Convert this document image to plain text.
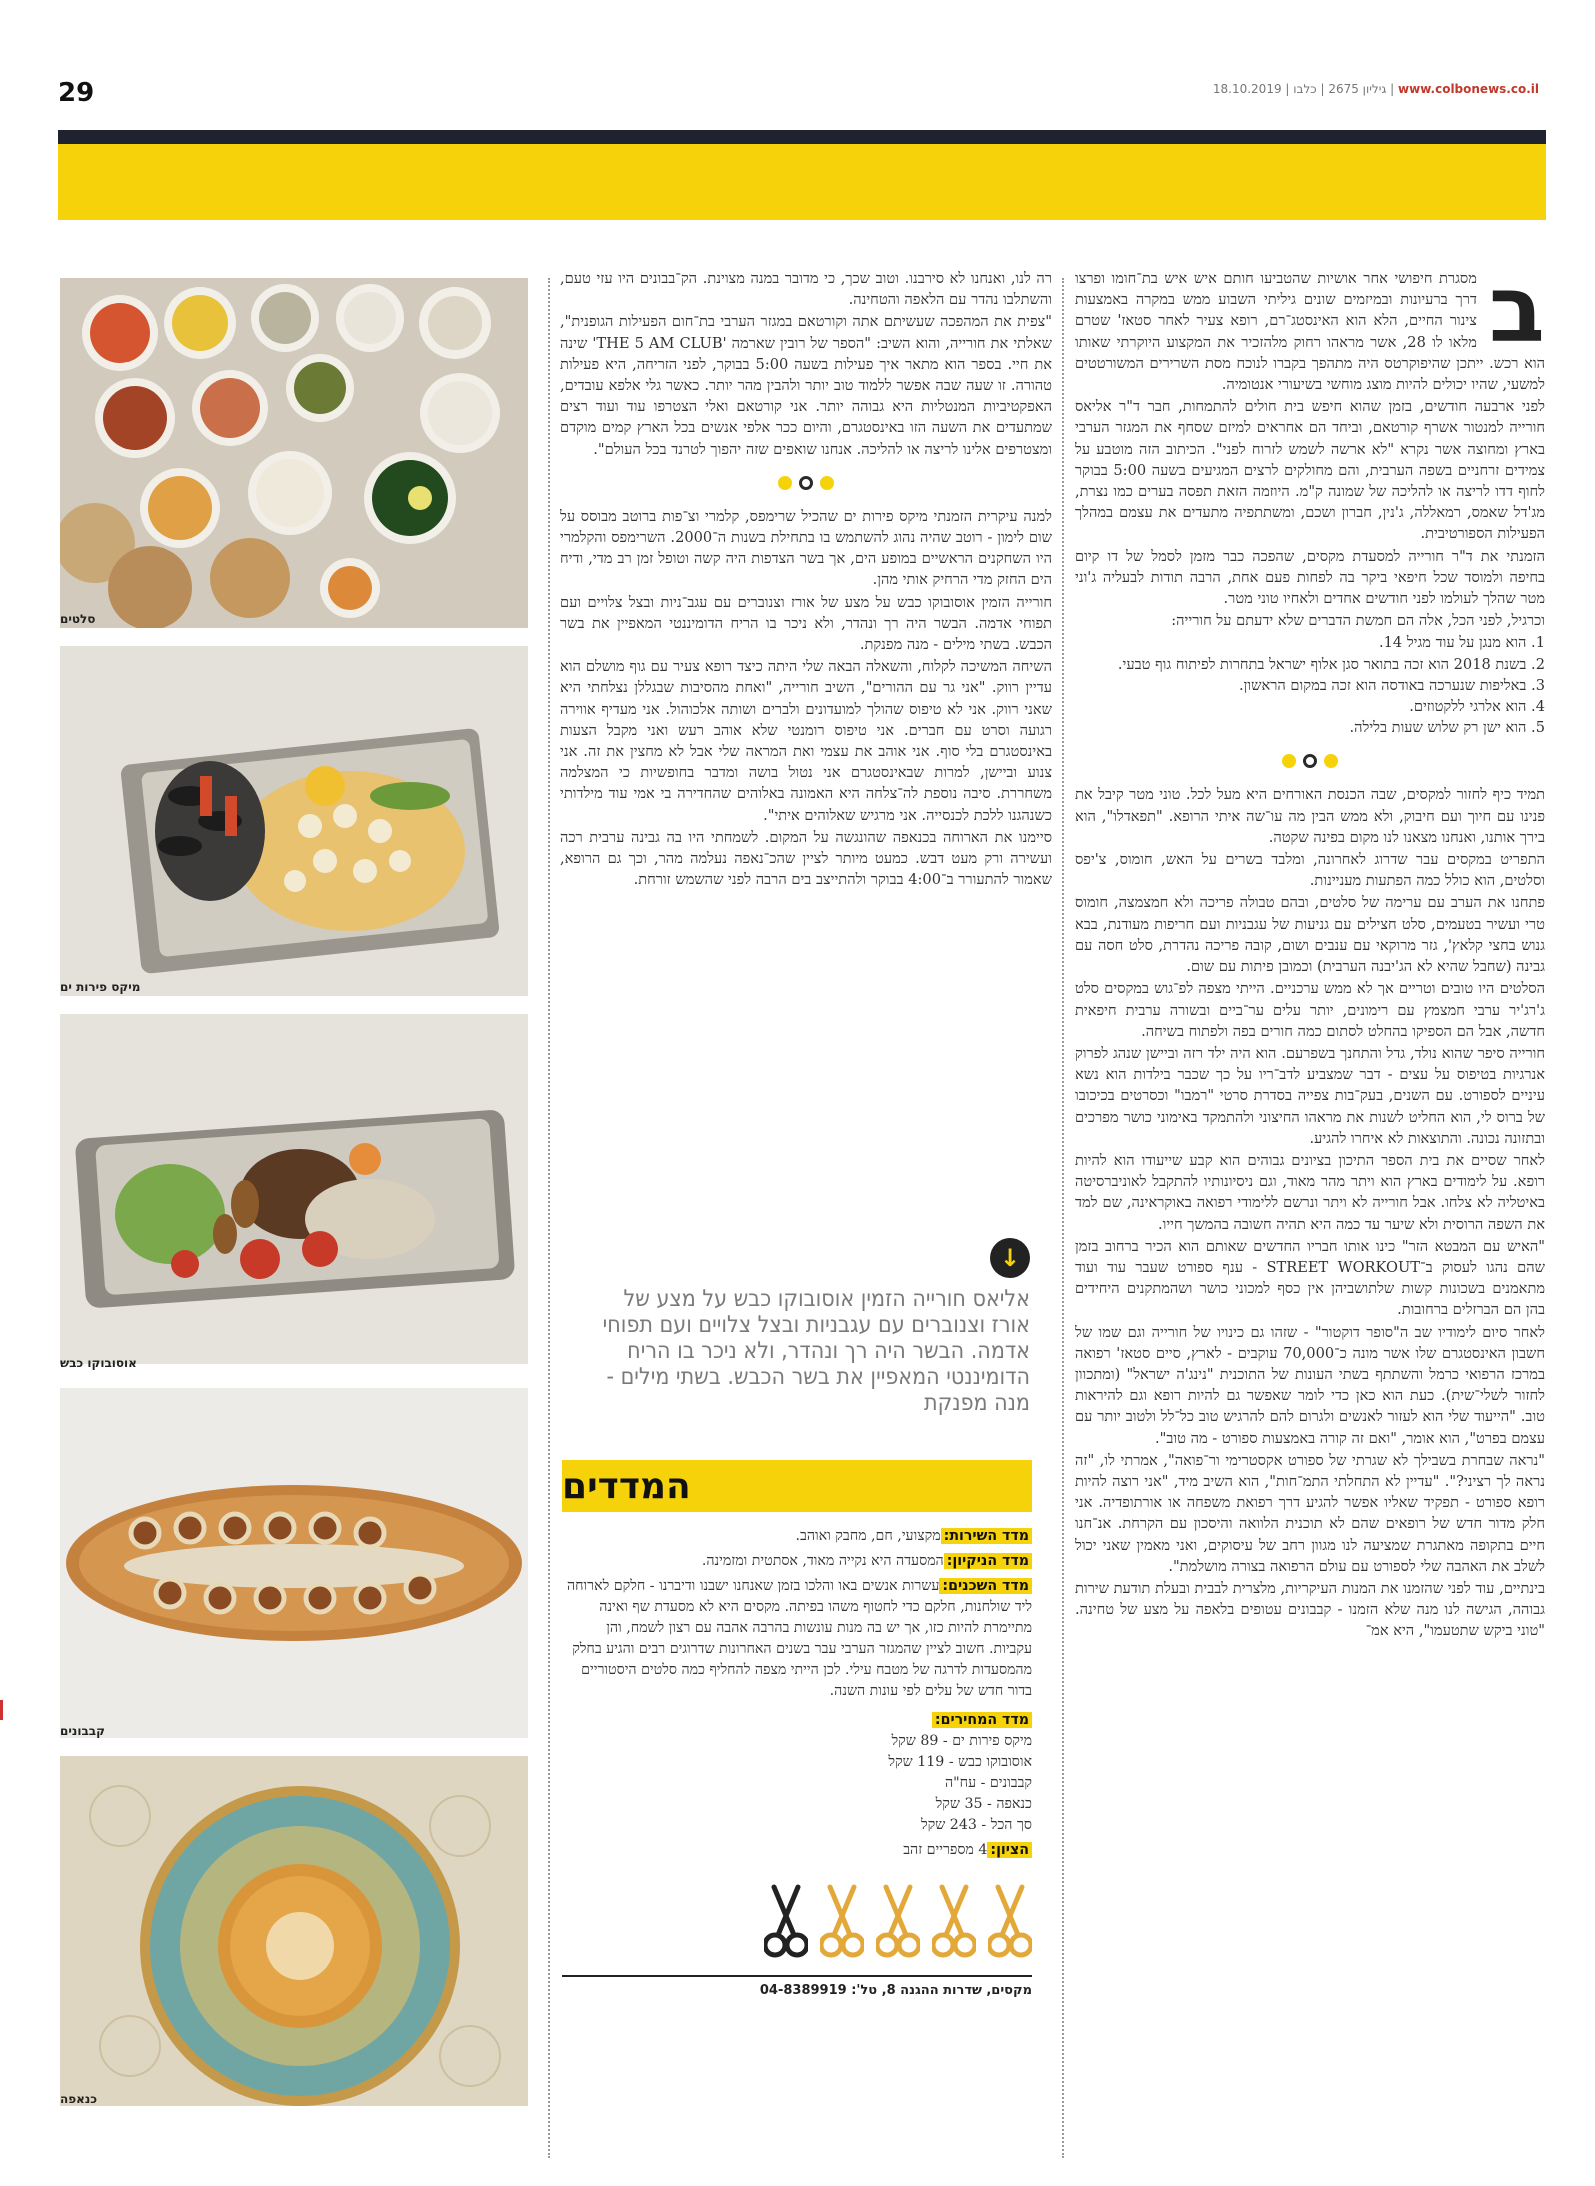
29	18.10.2019 |	גיליון 2675 | כלבו	| www.colbonews.co.il
ב

מסגרת חיפושי אחר אושיות שהטביעו חותם איש איש בת־חומו ופרצו דרך ברעיונות ובמיזמים שונים גיליתי השבוע ממש במקרה באמצעות צינור החיים, הלא הוא האינסטג־רם, רופא צעיר לאחר סטאז' שטרם מלאו לו 28, אשר מראהו רחוק מלהזכיר את המקצוע היוקרתי שאותו הוא רכש. ייתכן שהיפוקרטס היה מתהפך בקברו לנוכח מסת השרירים המשורטטים למשעי, שהיו יכולים להיות מוצג מוחשי בשיעורי אנטומיה.

לפני ארבעה חודשים, בזמן שהוא חיפש בית חולים להתמחות, חבר ד"ר אליאס חורייה למנטור אשרף קורטאם, וביחד הם אחראים למיזם שסחף את המגזר הערבי בארץ ומחוצה אשר נקרא "לא ארשה לשמש לזרוח לפני". הכיתוב הזה מוטבע על צמידים זרחניים בשפה הערבית, והם מחולקים לרצים המגיעים בשעה 5:00 בבוקר לחוף דדו לריצה או להליכה של שמונה ק"מ. היוזמה הזאת תפסה בערים כמו נצרת, מג'דל שאמס, רמאללה, ג'נין, חברון ושכם, ומשתתפיה מתעדים את עצמם במהלך הפעילות הספורטיבית.

הזמנתי את ד"ר חורייה למסעדת מקסים, שהפכה כבר מזמן לסמל של דו קיום בחיפה ולמוסד שכל חיפאי ביקר בה לפחות פעם אחת, הרבה תודות לבעליה ג'וני מטר שהלך לעולמו לפני חודשים אחדים ולאחיו טוני מטר.

וכרגיל, לפני הכל, אלה הם חמשת הדברים שלא ידעתם על חורייה:

1. הוא מנגן על עוד מגיל 14.
2. בשנת 2018 הוא זכה בתואר סגן אלוף ישראל בתחרות לפיתוח גוף טבעי.
3. באליפות שנערכה באודסה הוא זכה במקום הראשון.
4. הוא אלרגי ללקטוזים.
5. הוא ישן רק שלוש שעות בלילה.

תמיד כיף לחזור למקסים, שבה הכנסת האורחים היא מעל לכל. טוני מטר קיבל את פנינו עם חיוך ועם חיבוק, ולא ממש הבין מה עו־שה איתי הרופא. "תפאדלו", הוא בירך אותנו, ואנחנו מצאנו לנו מקום בפינה שקטה.

התפריט במקסים עבר שדרוג לאחרונה, ומלבד בשרים על האש, חומוס, צ'יפס וסלטים, הוא כולל כמה הפתעות מעניינות.

פתחנו את הערב עם ערימה של סלטים, ובהם טבולה פריכה ולא חמצמצה, חומוס טרי ועשיר בטעמים, סלט חצילים עם גניעות של עגבניות ועם חריפות מעודנת, בבא גנוש בחצי קלאץ', גזר מרוקאי עם ענבים ושום, קובה פריכה נהדרת, סלט חסה עם גבינה (שחבל שהיא לא הג'יבנה הערבית) וכמובן פיתות עם שום.

הסלטים היו טובים וטריים אך לא ממש ערכניים. הייתי מצפה לפ־גוש במקסים סלט ג'רג'יר ערבי חמצמץ עם רימונים, יותר עלים ער־ביים ובשורה ערבית חיפאית חדשה, אבל הם הספיקו בהחלט לסתום כמה חורים בפה ולפתוח בשיחה.

חורייה סיפר שהוא נולד, גדל והתחנך בשפרעם. הוא היה ילד רזה וביישן שנהג לפרוק אנרגיות בטיפוס על עצים - דבר שמצביע לדב־ריו על כך שכבר בילדות הוא נשא עיניים לספורט. עם השנים, בעק־בות צפייה בסדרת סרטי "רמבו" וכסרטים בכיכובו של ברוס לי, הוא החליט לשנות את מראהו החיצוני ולהתמקד באימוני כושר מפרכים ובתזונה נכונה. והתוצאות לא איחרו להגיע.

לאחר שסיים את בית הספר התיכון בציונים גבוהים הוא קבע שייעודו הוא להיות רופא. על לימודים בארץ הוא ויתר מהר מאוד, וגם ניסיונותיו להתקבל לאוניברסיטה באיטליה לא צלחו. אבל חורייה לא ויתר ונרשם ללימודי רפואה באוקראינה, שם למד את השפה הרוסית ולא שיער עד כמה היא תהיה חשובה בהמשך חייו.

"האיש עם המבטא הזר" כינו אותו חבריו החדשים שאותם הוא הכיר ברחוב בזמן שהם נהגו לעסוק ב־STREET WORKOUT - ענף ספורט שעבר עוד ועוד מתאמנים בשכונות קשות שלתושביהן אין כסף למכוני כושר ושהמתקנים היחידים בהן הם הברזלים ברחובות.

לאחר סיום לימודיו שב ה"סופר דוקטור" - שזהו גם כינויו של חורייה וגם שמו של חשבון האינסטגרם שלו אשר מונה כ־70,000 עוקבים - לארץ, סיים סטאז' רפואה במרכז הרפואי כרמל והשתתף בשתי העונות של התוכנית "נינג'ה ישראל" (ומתכוון לחזור לשלי־שית). כעת הוא כאן כדי לומר שאפשר גם להיות רופא וגם להיראות טוב. "הייעוד שלי הוא לעזור לאנשים ולגרום להם להרגיש טוב כל־לל ולטוב יותר עם עצמם בפרט", הוא אומר, "ואם זה קורה באמצעות ספורט - מה טוב".

"נראה שבחרת בשבילך לא שגרתי של ספורט אקסטרימי ור־פואה", אמרתי לו, "זה נראה לך רציני?". "עדיין לא התחלתי התמ־חות", הוא השיב מיד, "אני רוצה להיות רופא ספורט - תפקיד שאליו אפשר להגיע דרך רפואת משפחה או אורתופדיה. אני חלק מדור חדש של רופאים שהם לא תוכנית הלוואה והיסכון עם הקרחת. אנ־חנו חיים בתקופה מאתגרת שמציעה לנו מגוון רחב של עיסוקים, ואני מאמין שאני יכול לשלב את האהבה שלי לספורט עם עולם הרפואה בצורה מושלמת".

בינתיים, עוד לפני שהזמנו את המנות העיקריות, מלצרית לבבית ובעלת תודעת שירות גבוהה, הגישה לנו מנה שלא הזמנו - קבבונים עטופים בלאפה על מצע של טחינה. "טוני ביקש שתטעמו", היא אמ־

רה לנו, ואנחנו לא סירבנו. וטוב שכך, כי מדובר במנה מצוינת. הק־בבונים היו עזי טעם, והשתלבו נהדר עם הלאפה והטחינה.

"צפית את המהפכה שעשיתם אתה וקורטאם במגזר הערבי בת־חום הפעילות הגופנית", שאלתי את חורייה, והוא השיב: "הספר של רובין שארמה 'THE 5 AM CLUB' שינה את חיי. בספר הוא מתאר איך פעילות בשעה 5:00 בבוקר, לפני הזריחה, היא פעילות טהורה. זו שעה שבה אפשר ללמוד טוב יותר ולהבין מהר יותר. כאשר גלי אלפא עובדים, האפקטיביות המנטליות היא גבוהה יותר. אני קורטאם ואלי הצטרפו עוד ועוד רצים שמתעדים את השעה הזו באינסטגרם, והיום ככר אלפי אנשים בכל הארץ קמים מוקדם ומצטרפים אלינו לריצה או להליכה. אנחנו שואפים שזה יהפוך לטרנד בכל העולם".

למנה עיקרית הזמנתי מיקס פירות ים שהכיל שרימפס, קלמרי וצ־פות ברוטב מבוסס על שום לימון - רוטב שהיה נהוג להשתמש בו בתחילת בשנות ה־2000. השרימפס והקלמרי היו השחקנים הראשיים במופע הים, אך בשר הצדפות היה קשה וטופל זמן רב מדי, ודיח הים החזק מדי הרחיק אותי מהן.

חורייה הזמין אוסובוקו כבש על מצע של אורז וצנוברים עם עגב־ניות ובצל צלויים ועם תפוחי אדמה. הבשר היה רך ונהדר, ולא ניכר בו הריח הדומיננטי המאפיין את בשר הכבש. בשתי מילים - מנה מפנקת.

השיחה המשיכה לקלוח, והשאלה הבאה שלי היתה כיצד רופא צעיר עם גוף מושלם הוא עדיין רווק. "אני גר עם ההורים", השיב חורייה, "ואחת מהסיבות שבגללן נצלחתי היא שאני רווק. אני לא טיפוס שהולך למועדונים ולברים ושותה אלכוהול. אני מעדיף אווירה רגועה וסרט עם חברים. אני טיפוס רומנטי שלא אוהב רעש ואני מקבל הצעות באינסטגרם בלי סוף. אני אוהב את עצמי ואת המראה שלי אבל לא מחצין את זה. אני צנוע וביישן, למרות שבאינסטגרם אני נטול בושה ומדבר בחופשיות כי המצלמה משחררת. סיבה נוספת לה־צלחה היא האמונה באלוהים שהחדירה בי אמי עוד מילדותי כשנהגנו ללכת לכנסייה. אני מרגיש שאלוהים איתי".

סיימנו את הארוחה בכנאפה שהונגשה על המקום. לשמחתי היו בה גבינה ערבית רכה ועשירה ורק מעט דבש. כמעט מיותר לציין שהכ־נאפה נעלמה מהר, וכך גם הרופא, שאמור להתעורר ב־4:00 בבוקר ולהתייצב בים הרבה לפני שהשמש זורחת.

↓
אליאס חורייה הזמין אוסובוקו כבש על מצע של אורז וצנוברים עם עגבניות ובצל צלויים ועם תפוחי אדמה. הבשר היה רך ונהדר, ולא ניכר בו הריח הדומיננטי המאפיין את בשר הכבש. בשתי מילים - מנה מפנקת
המדדים
מדד השירות:מקצועי, חם, מחבק ואוהב.
מדד הניקיון:המסעדה היא נקייה מאוד, אסתטית ומזמינה.
מדד השכנים:עשרות אנשים באו והלכו בזמן שאנחנו ישבנו ודיברנו - חלקם לארוחה ליד שולחנות, חלקם כדי לחטוף משהו בפיתה. מקסים היא לא מסעדת שף ואינה מתיימרת להיות כזו, אך יש בה מנות עונשות בהרבה אהבה עם רצון לשמח, והן עקביות. חשוב לציין שהמגזר הערבי עבר בשנים האחרונות שדרוגים רבים והגיע בחלק מהמסעדות לדרגה של מטבח עילי. לכן הייתי מצפה להחליף כמה סלטים היסטוריים בדור חדש של עלים לפי עונות השנה.
מדד המחירים:
מיקס פירות ים - 89 שקל
אוסובוקו כבש - 119 שקל
קבבונים - עח"ה
כנאפה - 35 שקל
סך הכל - 243 שקל
הציון:4 מספריים זהב
מקסים, שדרות ההגנה 8, טל': 04-8389919
סלטים
מיקס פירות ים
אוסובוקו כבש
קבבונים
כנאפה
